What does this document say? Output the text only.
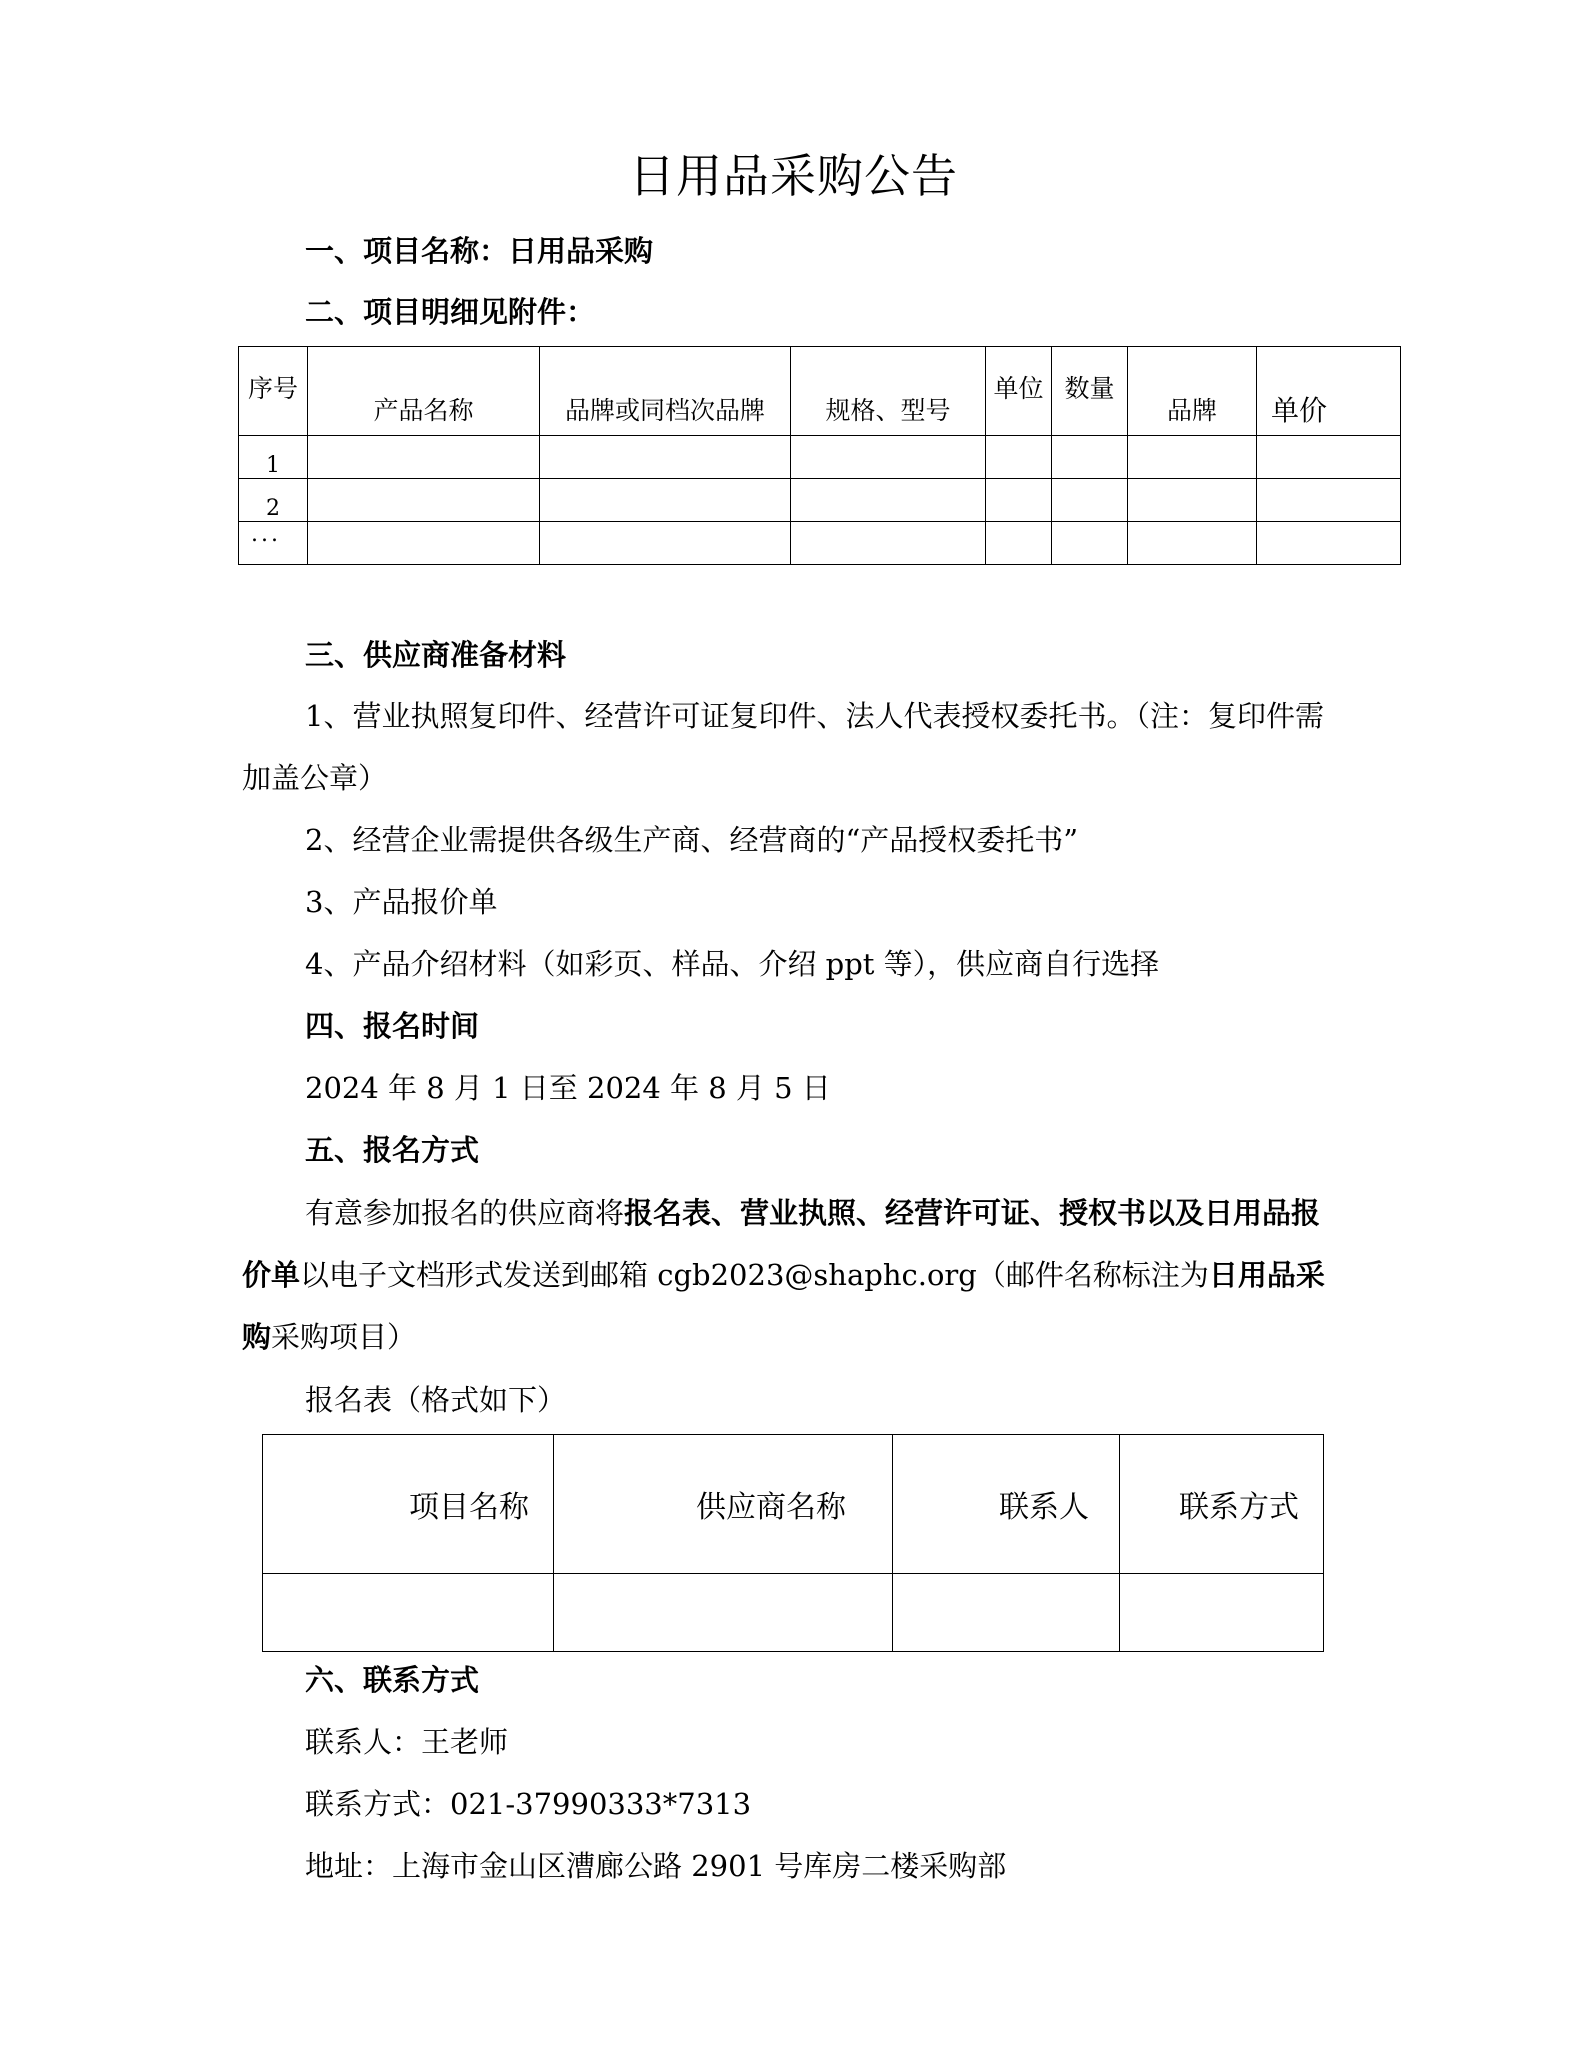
日用品采购公告
一、项目名称：日用品采购
二、项目明细见附件：
序号	产品名称	品牌或同档次品牌	规格、型号	单位	数量	品牌	单价
1							
2							
...							
三、供应商准备材料
1、营业执照复印件、经营许可证复印件、法人代表授权委托书。（注：复印件需加盖公章）
2、经营企业需提供各级生产商、经营商的“产品授权委托书”
3、产品报价单
4、产品介绍材料（如彩页、样品、介绍 ppt 等），供应商自行选择
四、报名时间
2024 年 8 月 1 日至 2024 年 8 月 5 日
五、报名方式
有意参加报名的供应商将报名表、营业执照、经营许可证、授权书以及日用品报价单以电子文档形式发送到邮箱 cgb2023@shaphc.org（邮件名称标注为日用品采购采购项目）
报名表（格式如下）
项目名称	供应商名称	联系人	联系方式

六、联系方式
联系人：王老师
联系方式：021-37990333*7313
地址：上海市金山区漕廊公路 2901 号库房二楼采购部
